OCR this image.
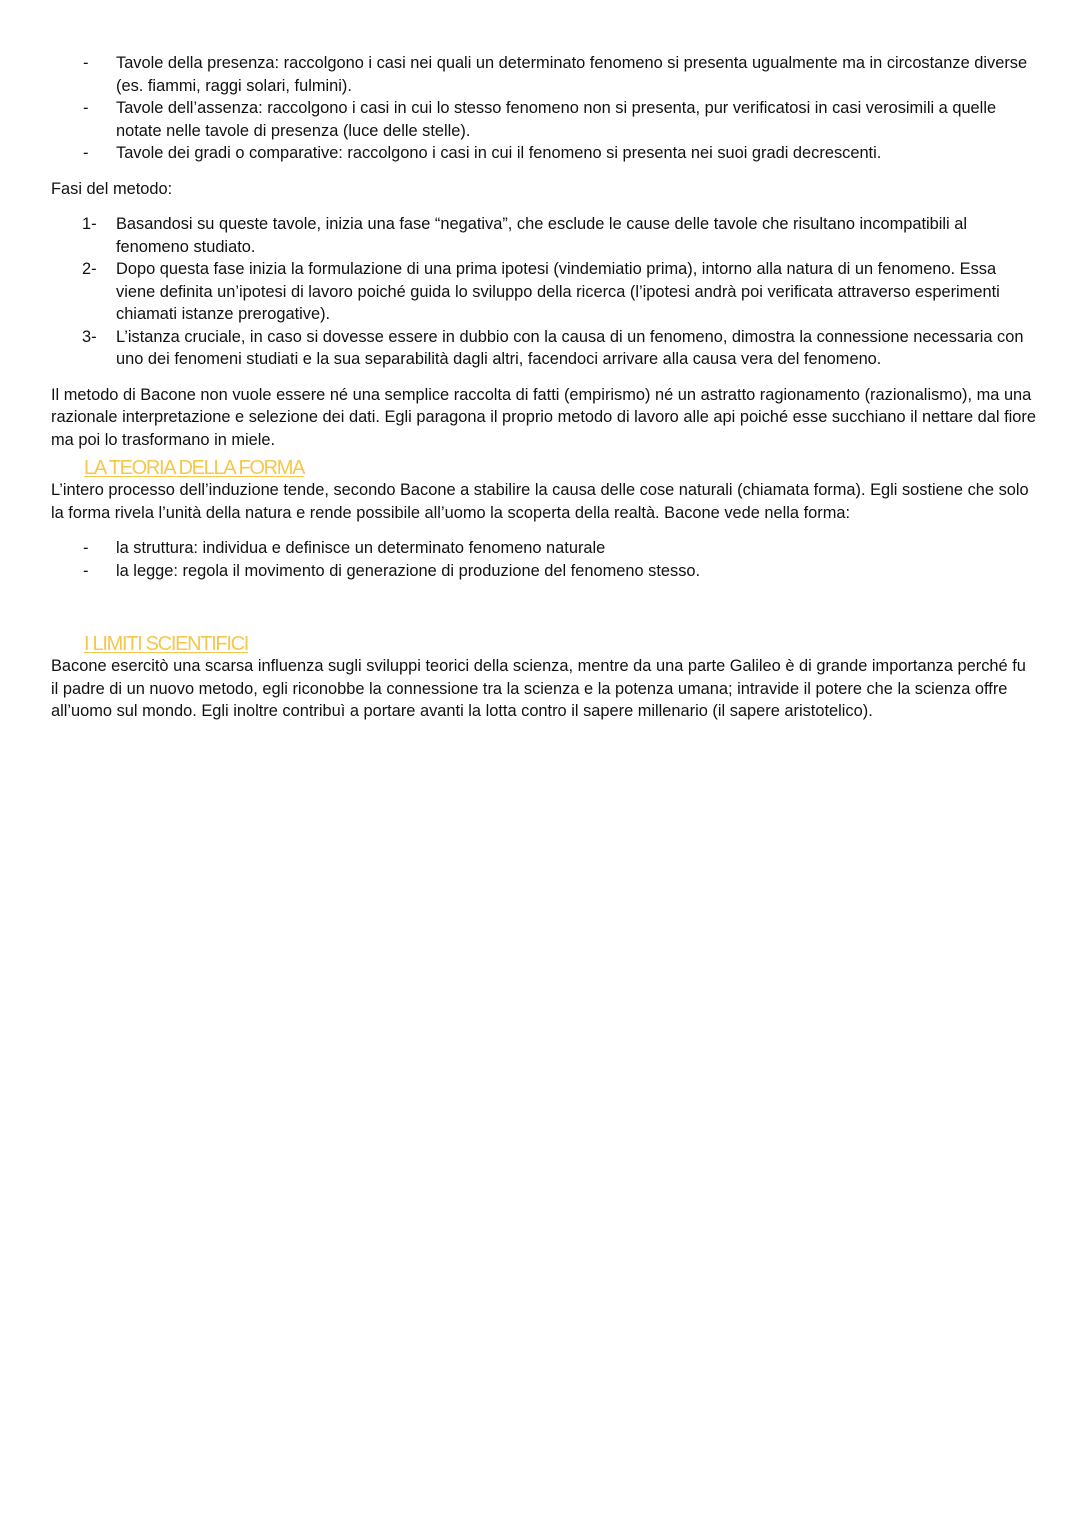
- Tavole della presenza: raccolgono i casi nei quali un determinato fenomeno si presenta ugualmente ma in circostanze diverse (es. fiammi, raggi solari, fulmini).
- Tavole dell’assenza: raccolgono i casi in cui lo stesso fenomeno non si presenta, pur verificatosi in casi verosimili a quelle notate nelle tavole di presenza (luce delle stelle).
- Tavole dei gradi o comparative: raccolgono i casi in cui il fenomeno si presenta nei suoi gradi decrescenti.

Fasi del metodo:

1- Basandosi su queste tavole, inizia una fase “negativa”, che esclude le cause delle tavole che risultano incompatibili al fenomeno studiato.
2- Dopo questa fase inizia la formulazione di una prima ipotesi (vindemiatio prima), intorno alla natura di un fenomeno. Essa viene definita un’ipotesi di lavoro poiché guida lo sviluppo della ricerca (l’ipotesi andrà poi verificata attraverso esperimenti chiamati istanze prerogative).
3- L’istanza cruciale, in caso si dovesse essere in dubbio con la causa di un fenomeno, dimostra la connessione necessaria con uno dei fenomeni studiati e la sua separabilità dagli altri, facendoci arrivare alla causa vera del fenomeno.

Il metodo di Bacone non vuole essere né una semplice raccolta di fatti (empirismo) né un astratto ragionamento (razionalismo), ma una razionale interpretazione e selezione dei dati. Egli paragona il proprio metodo di lavoro alle api poiché esse succhiano il nettare dal fiore ma poi lo trasformano in miele.

LA TEORIA DELLA FORMA

L’intero processo dell’induzione tende, secondo Bacone a stabilire la causa delle cose naturali (chiamata forma). Egli sostiene che solo la forma rivela l’unità della natura e rende possibile all’uomo la scoperta della realtà. Bacone vede nella forma:

- la struttura: individua e definisce un determinato fenomeno naturale
- la legge: regola il movimento di generazione di produzione del fenomeno stesso.
I LIMITI SCIENTIFICI

Bacone esercitò una scarsa influenza sugli sviluppi teorici della scienza, mentre da una parte Galileo è di grande importanza perché fu il padre di un nuovo metodo, egli riconobbe la connessione tra la scienza e la potenza umana; intravide il potere che la scienza offre all’uomo sul mondo. Egli inoltre contribuì a portare avanti la lotta contro il sapere millenario (il sapere aristotelico).
